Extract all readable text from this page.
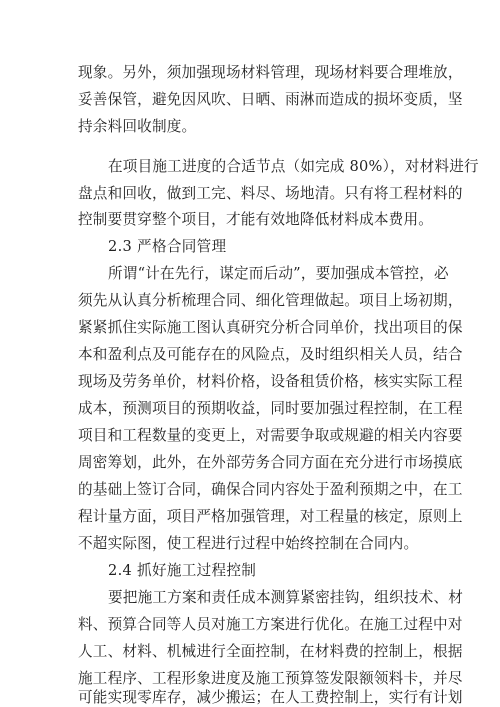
现象。另外，须加强现场材料管理，现场材料要合理堆放，
妥善保管，避免因风吹、日晒、雨淋而造成的损坏变质，坚
持余料回收制度。
在项目施工进度的合适节点（如完成 80%），对材料进行
盘点和回收，做到工完、料尽、场地清。只有将工程材料的
控制要贯穿整个项目，才能有效地降低材料成本费用。
2.3 严格合同管理
所谓“计在先行，谋定而后动”，要加强成本管控，必
须先从认真分析梳理合同、细化管理做起。项目上场初期，
紧紧抓住实际施工图认真研究分析合同单价，找出项目的保
本和盈利点及可能存在的风险点，及时组织相关人员，结合
现场及劳务单价，材料价格，设备租赁价格，核实实际工程
成本，预测项目的预期收益，同时要加强过程控制，在工程
项目和工程数量的变更上，对需要争取或规避的相关内容要
周密筹划，此外，在外部劳务合同方面在充分进行市场摸底
的基础上签订合同，确保合同内容处于盈利预期之中，在工
程计量方面，项目严格加强管理，对工程量的核定，原则上
不超实际图，使工程进行过程中始终控制在合同内。
2.4 抓好施工过程控制
要把施工方案和责任成本测算紧密挂钩，组织技术、材
料、预算合同等人员对施工方案进行优化。在施工过程中对
人工、材料、机械进行全面控制，在材料费的控制上，根据
施工程序、工程形象进度及施工预算签发限额领料卡，并尽
可能实现零库存，减少搬运；在人工费控制上，实行有计划
